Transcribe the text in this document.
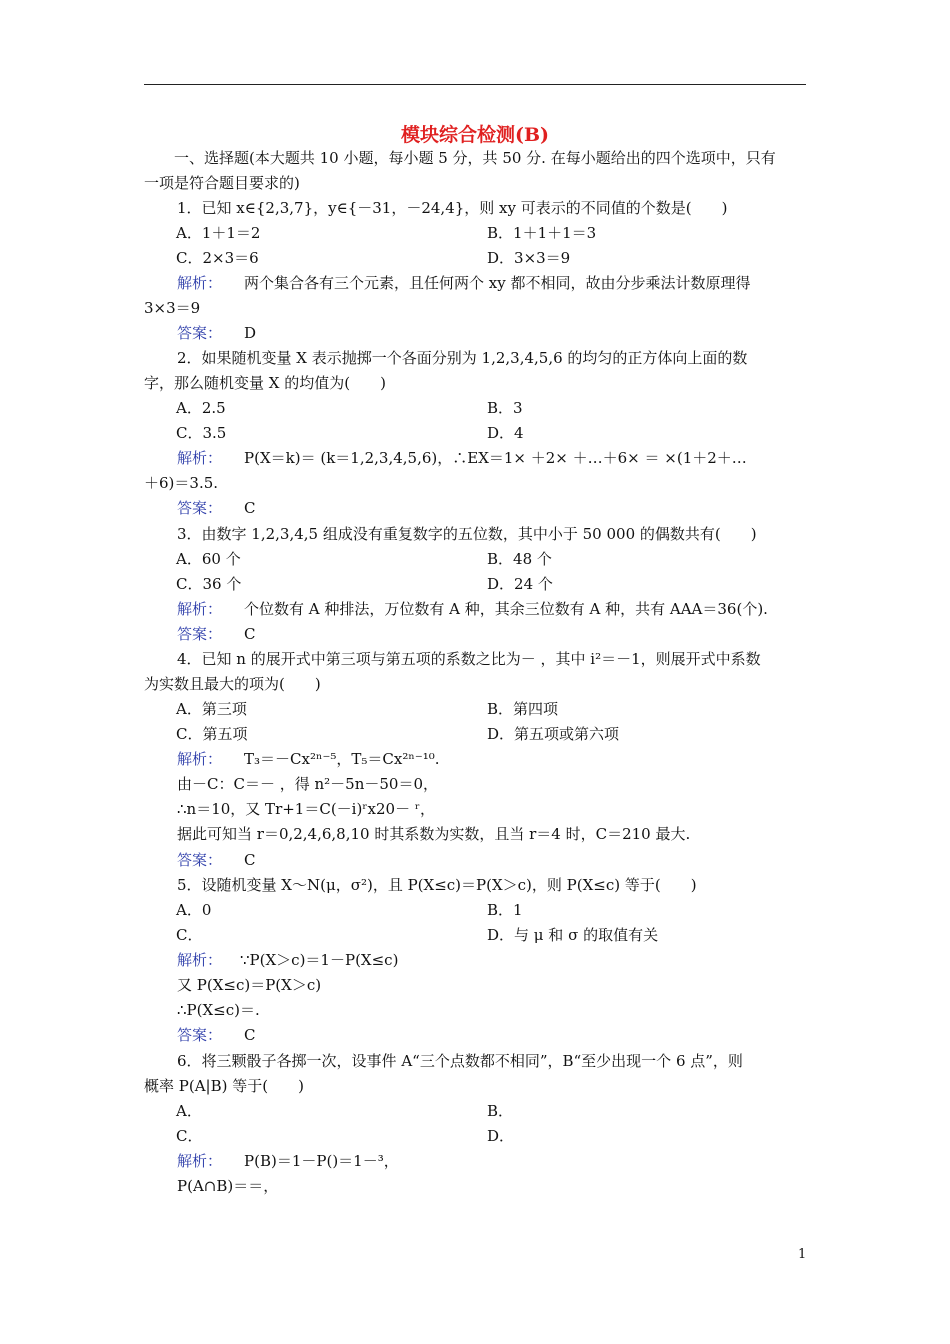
模块综合检测(B)
一、选择题(本大题共 10 小题，每小题 5 分，共 50 分. 在每小题给出的四个选项中，只有
一项是符合题目要求的)
1．已知 x∈{2,3,7}，y∈{－31，－24,4}，则 xy 可表示的不同值的个数是(　　)
A．1＋1＝2	B．1＋1＋1＝3
C．2×3＝6	D．3×3＝9
解析： 两个集合各有三个元素，且任何两个 xy 都不相同，故由分步乘法计数原理得
3×3＝9
答案： D
2．如果随机变量 X 表示抛掷一个各面分别为 1,2,3,4,5,6 的均匀的正方体向上面的数
字，那么随机变量 X 的均值为(　　)
A．2.5	B．3
C．3.5	D．4
解析： P(X＝k)＝ (k＝1,2,3,4,5,6)，∴EX＝1× ＋2× ＋…＋6× ＝ ×(1＋2＋…
＋6)＝3.5.
答案： C
3．由数字 1,2,3,4,5 组成没有重复数字的五位数，其中小于 50 000 的偶数共有(　　)
A．60 个	B．48 个
C．36 个	D．24 个
解析： 个位数有 A 种排法，万位数有 A 种，其余三位数有 A 种，共有 AAA＝36(个).
答案： C
4．已知 n 的展开式中第三项与第五项的系数之比为－ ，其中 i²＝－1，则展开式中系数
为实数且最大的项为(　　)
A．第三项	B．第四项
C．第五项	D．第五项或第六项
解析： T₃＝－Cx²ⁿ⁻⁵，T₅＝Cx²ⁿ⁻¹⁰.
由－C：C＝－ ，得 n²－5n－50＝0，
∴n＝10，又 Tr+1＝C(－i)ʳx20－ ʳ，
据此可知当 r＝0,2,4,6,8,10 时其系数为实数，且当 r＝4 时，C＝210 最大.
答案： C
5．设随机变量 X～N(μ，σ²)，且 P(X≤c)＝P(X＞c)，则 P(X≤c) 等于(　　)
A．0	B．1
C．	D．与 μ 和 σ 的取值有关
解析： ∵P(X＞c)＝1－P(X≤c)
又 P(X≤c)＝P(X＞c)
∴P(X≤c)＝.
答案： C
6．将三颗骰子各掷一次，设事件 A“三个点数都不相同”，B“至少出现一个 6 点”，则
概率 P(A|B) 等于(　　)
A．	B．
C．	D．
解析： P(B)＝1－P()＝1－³，
P(A∩B)＝＝，
1
